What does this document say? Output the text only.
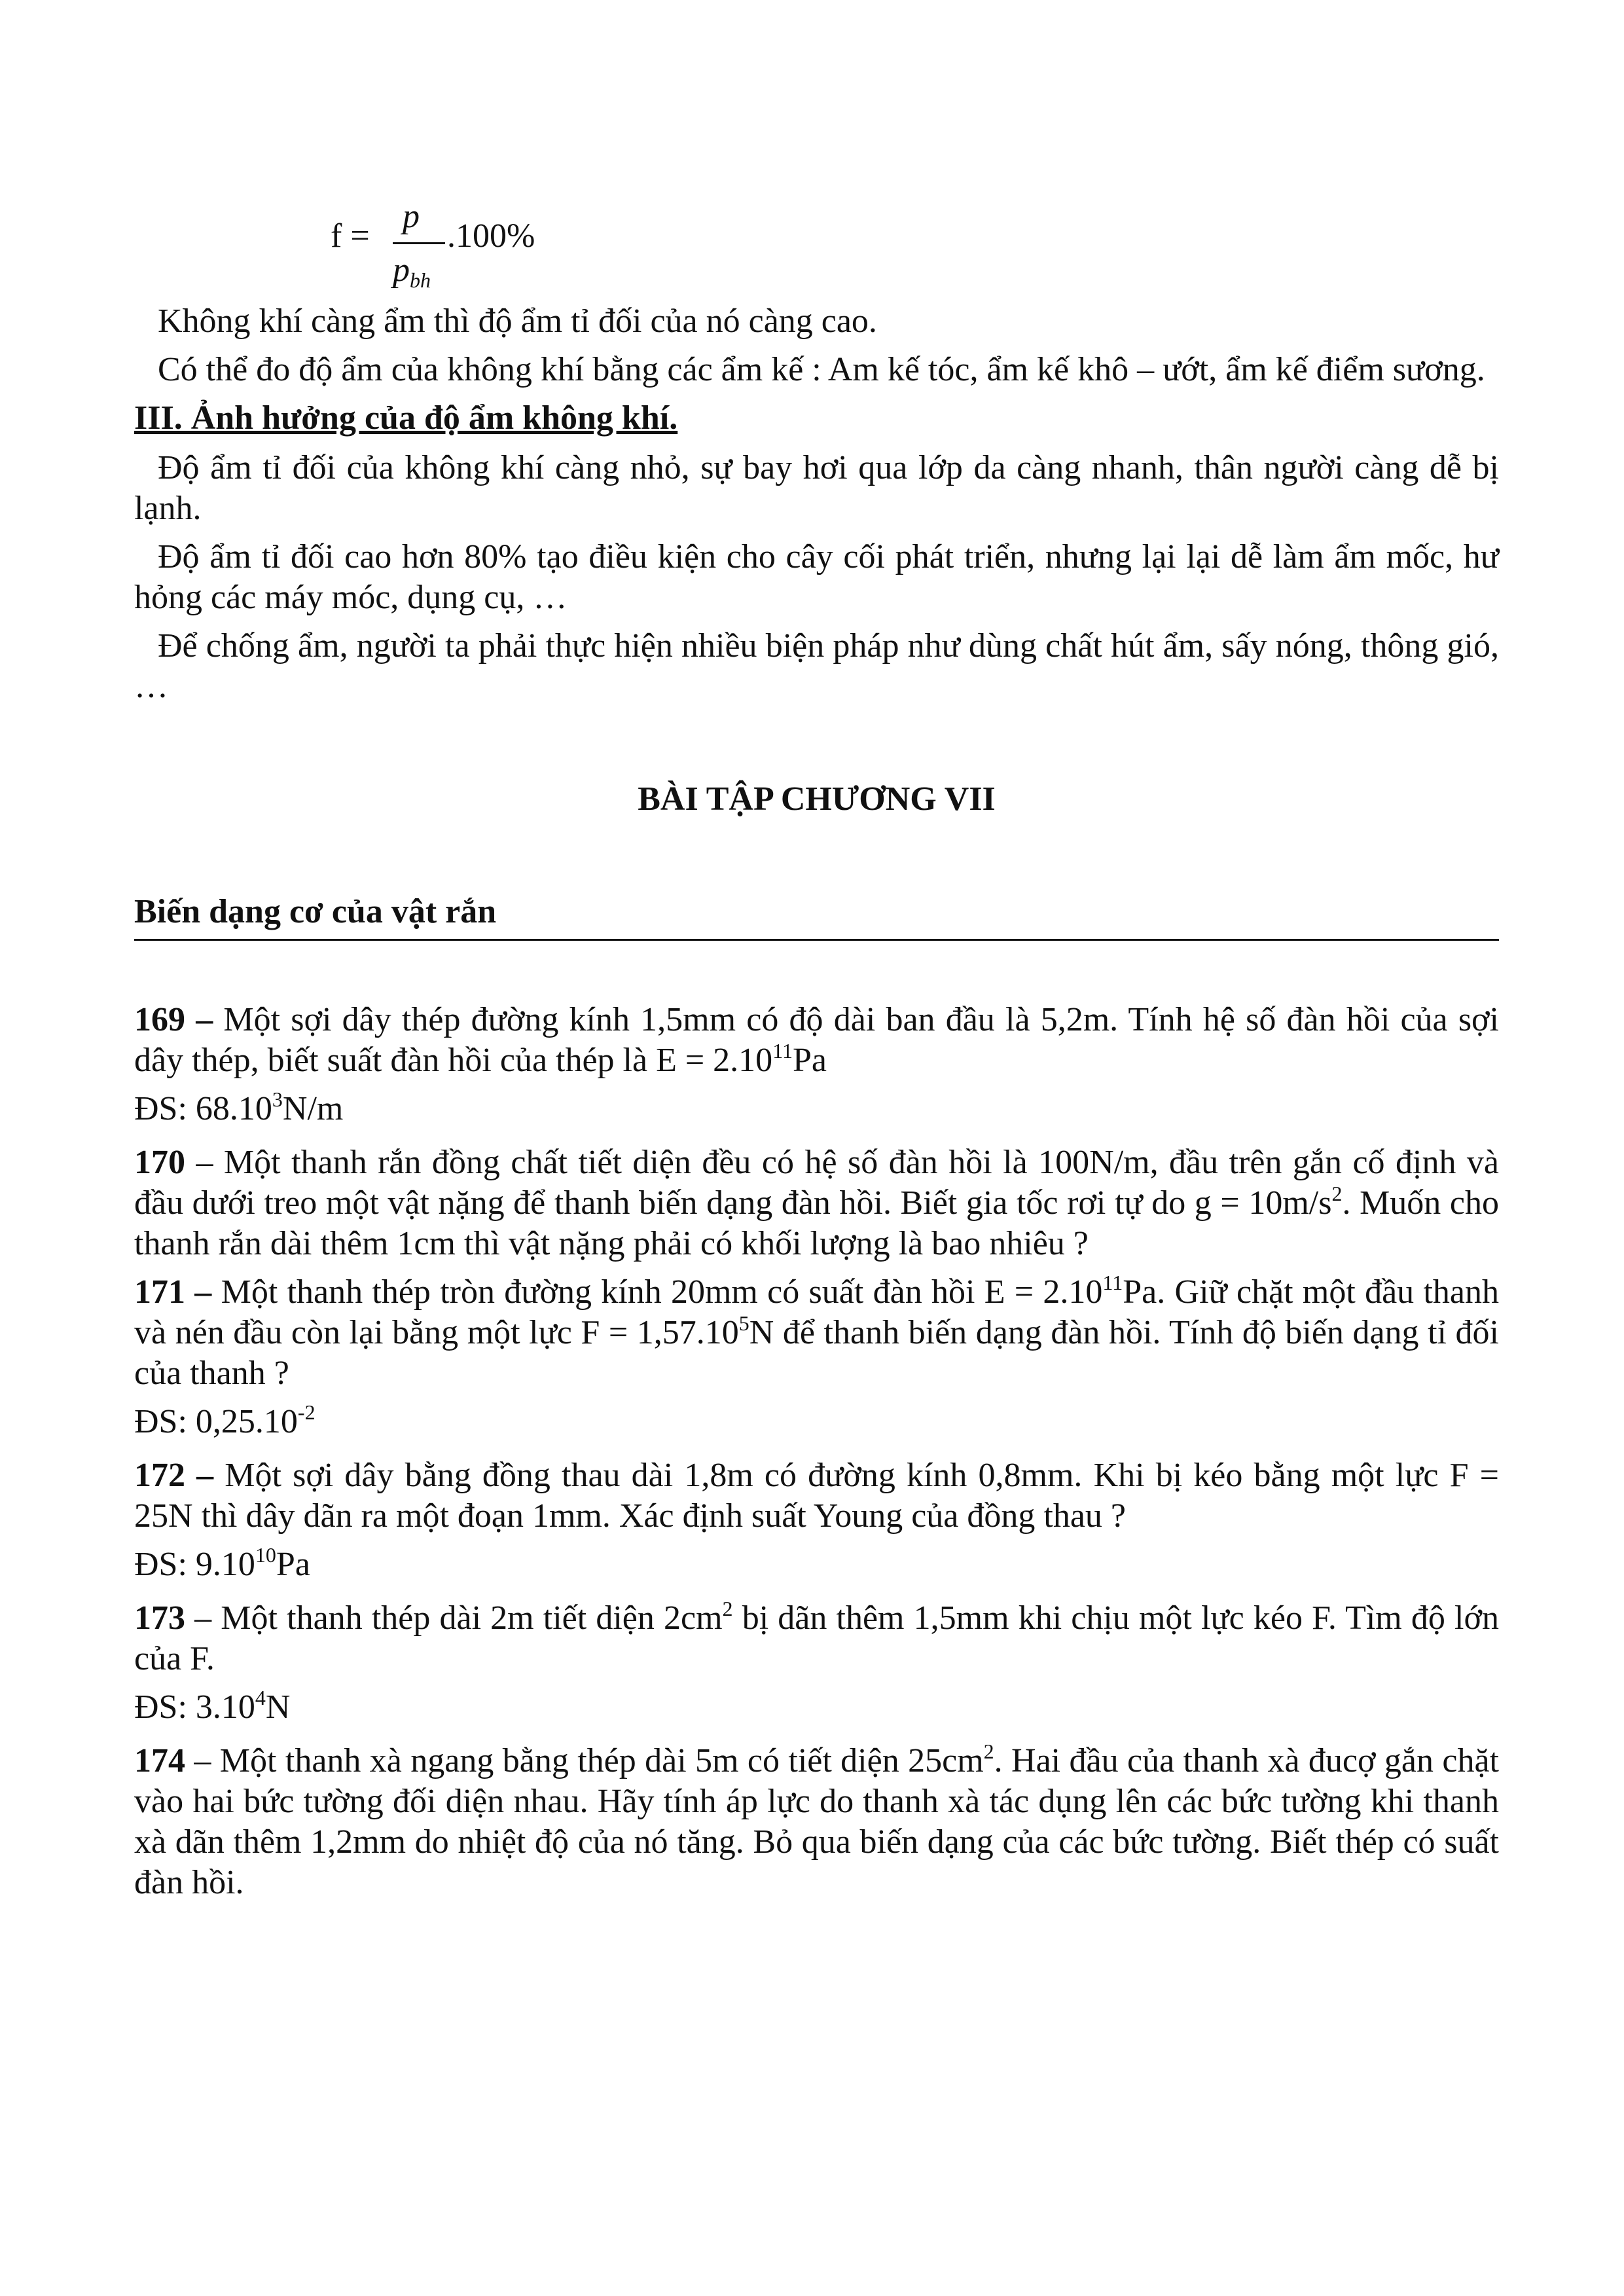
f =
p
.100%
$p_{bh}$

Không khí càng ẩm thì độ ẩm tỉ đối của nó càng cao.

Có thể đo độ ẩm của không khí bằng các ẩm kế : Am kế tóc, ẩm kế khô – ướt, ẩm kế điểm sương.

III. Ảnh hưởng của độ ẩm không khí.

Độ ẩm tỉ đối của không khí càng nhỏ, sự bay hơi qua lớp da càng nhanh, thân người càng dễ bị lạnh.

Độ ẩm tỉ đối cao hơn 80% tạo điều kiện cho cây cối phát triển, nhưng lại lại dễ làm ẩm mốc, hư hỏng các máy móc, dụng cụ, …

Để chống ẩm, người ta phải thực hiện nhiều biện pháp như dùng chất hút ẩm, sấy nóng, thông gió, …

BÀI TẬP CHƯƠNG VII
Biến dạng cơ của vật rắn

169 – Một sợi dây thép đường kính 1,5mm có độ dài ban đầu là 5,2m. Tính hệ số đàn hồi của sợi dây thép, biết suất đàn hồi của thép là $E = 2.10^{11}Pa$

ĐS: 68.10$^3$N/m

170 – Một thanh rắn đồng chất tiết diện đều có hệ số đàn hồi là 100N/m, đầu trên gắn cố định và đầu dưới treo một vật nặng để thanh biến dạng đàn hồi. Biết gia tốc rơi tự do $g = 10m/s^2$. Muốn cho thanh rắn dài thêm 1cm thì vật nặng phải có khối lượng là bao nhiêu ?

171 – Một thanh thép tròn đường kính 20mm có suất đàn hồi $E = 2.10^{11}Pa$. Giữ chặt một đầu thanh và nén đầu còn lại bằng một lực $F = 1,57.10^5N$ để thanh biến dạng đàn hồi. Tính độ biến dạng tỉ đối của thanh ?

ĐS: $0,25.10^{-2}$

172 – Một sợi dây bằng đồng thau dài 1,8m có đường kính 0,8mm. Khi bị kéo bằng một lực F = 25N thì dây dãn ra một đoạn 1mm. Xác định suất Young của đồng thau ?

ĐS: 9.10$^{10}$Pa

173 – Một thanh thép dài 2m tiết diện $2cm^2$ bị dãn thêm 1,5mm khi chịu một lực kéo F. Tìm độ lớn của F.

ĐS: 3.10$^4$N

174 – Một thanh xà ngang bằng thép dài 5m có tiết diện $25cm^2$. Hai đầu của thanh xà đucợ gắn chặt vào hai bức tường đối diện nhau. Hãy tính áp lực do thanh xà tác dụng lên các bức tường khi thanh xà dãn thêm 1,2mm do nhiệt độ của nó tăng. Bỏ qua biến dạng của các bức tường. Biết thép có suất đàn hồi.
